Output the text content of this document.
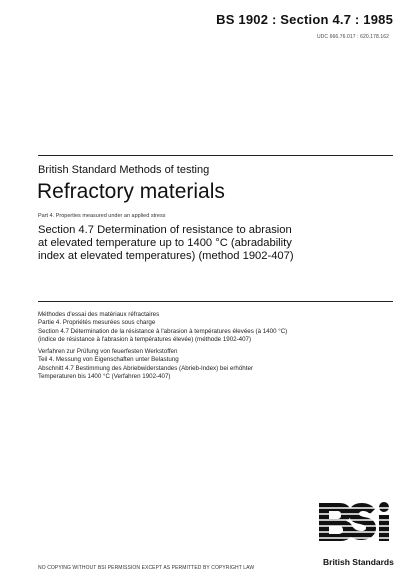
BS 1902 : Section 4.7 : 1985
UDC 666.76.017 : 620.178.162
British Standard Methods of testing
Refractory materials
Part 4. Properties measured under an applied stress
Section 4.7 Determination of resistance to abrasion
at elevated temperature up to 1400 °C (abradability
index at elevated temperatures) (method 1902-407)
Méthodes d'essai des matériaux réfractaires
Partie 4. Propriétés mesurées sous charge
Section 4.7 Détermination de la résistance à l'abrasion à températures élevées (à 1400 °C)
(indice de résistance à l'abrasion à températures élevée) (méthode 1902-407)
Verfahren zur Prüfung von feuerfesten Werkstoffen
Teil 4. Messung von Eigenschaften unter Belastung
Abschnitt 4.7 Bestimmung des Abriebwiderstandes (Abrieb-Index) bei erhöhter
Temperaturen bis 1400 °C (Verfahren 1902-407)
British Standards
NO COPYING WITHOUT BSI PERMISSION EXCEPT AS PERMITTED BY COPYRIGHT LAW
